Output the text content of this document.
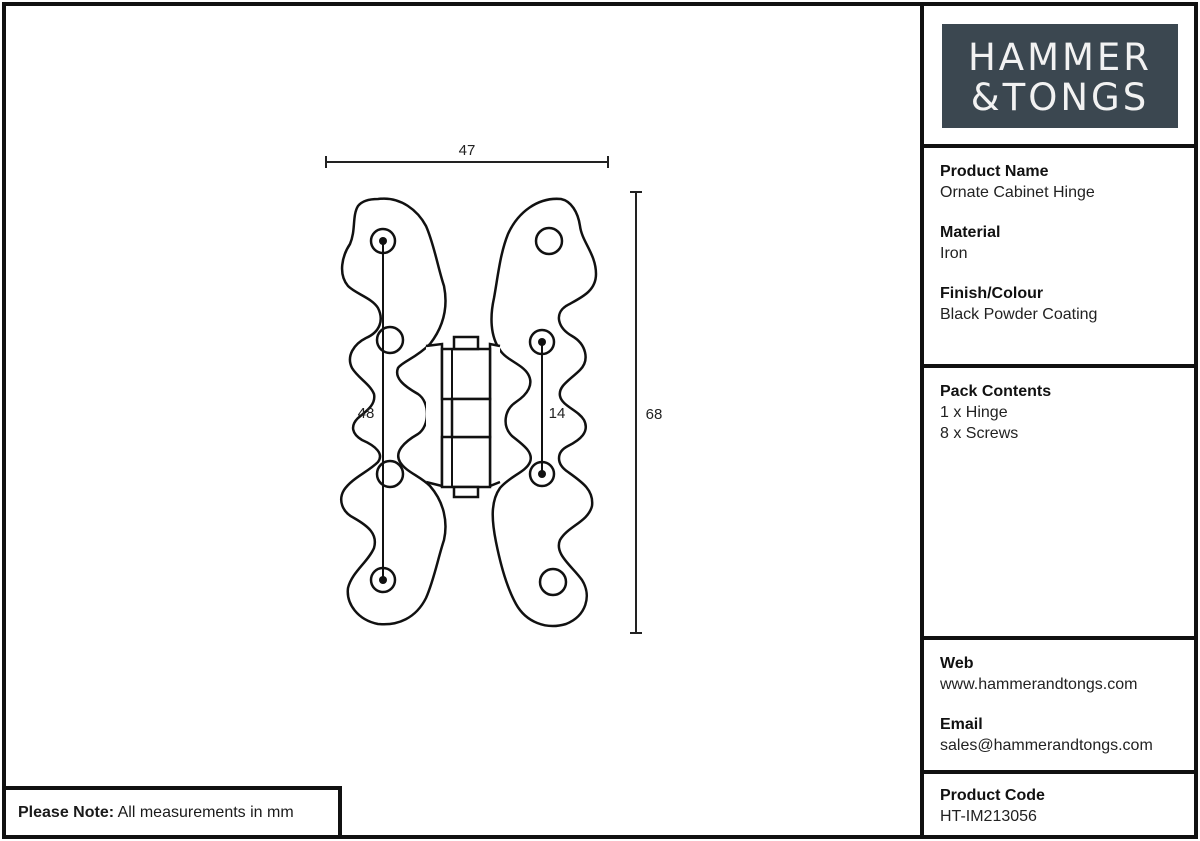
47
68
48	14
Please Note: All measurements in mm
HAMMER
&TONGS
Product Name
Ornate Cabinet Hinge
Material
Iron
Finish/Colour
Black Powder Coating
Pack Contents
1 x Hinge
8 x Screws
Web
www.hammerandtongs.com
Email
sales@hammerandtongs.com
Product Code
HT-IM213056
